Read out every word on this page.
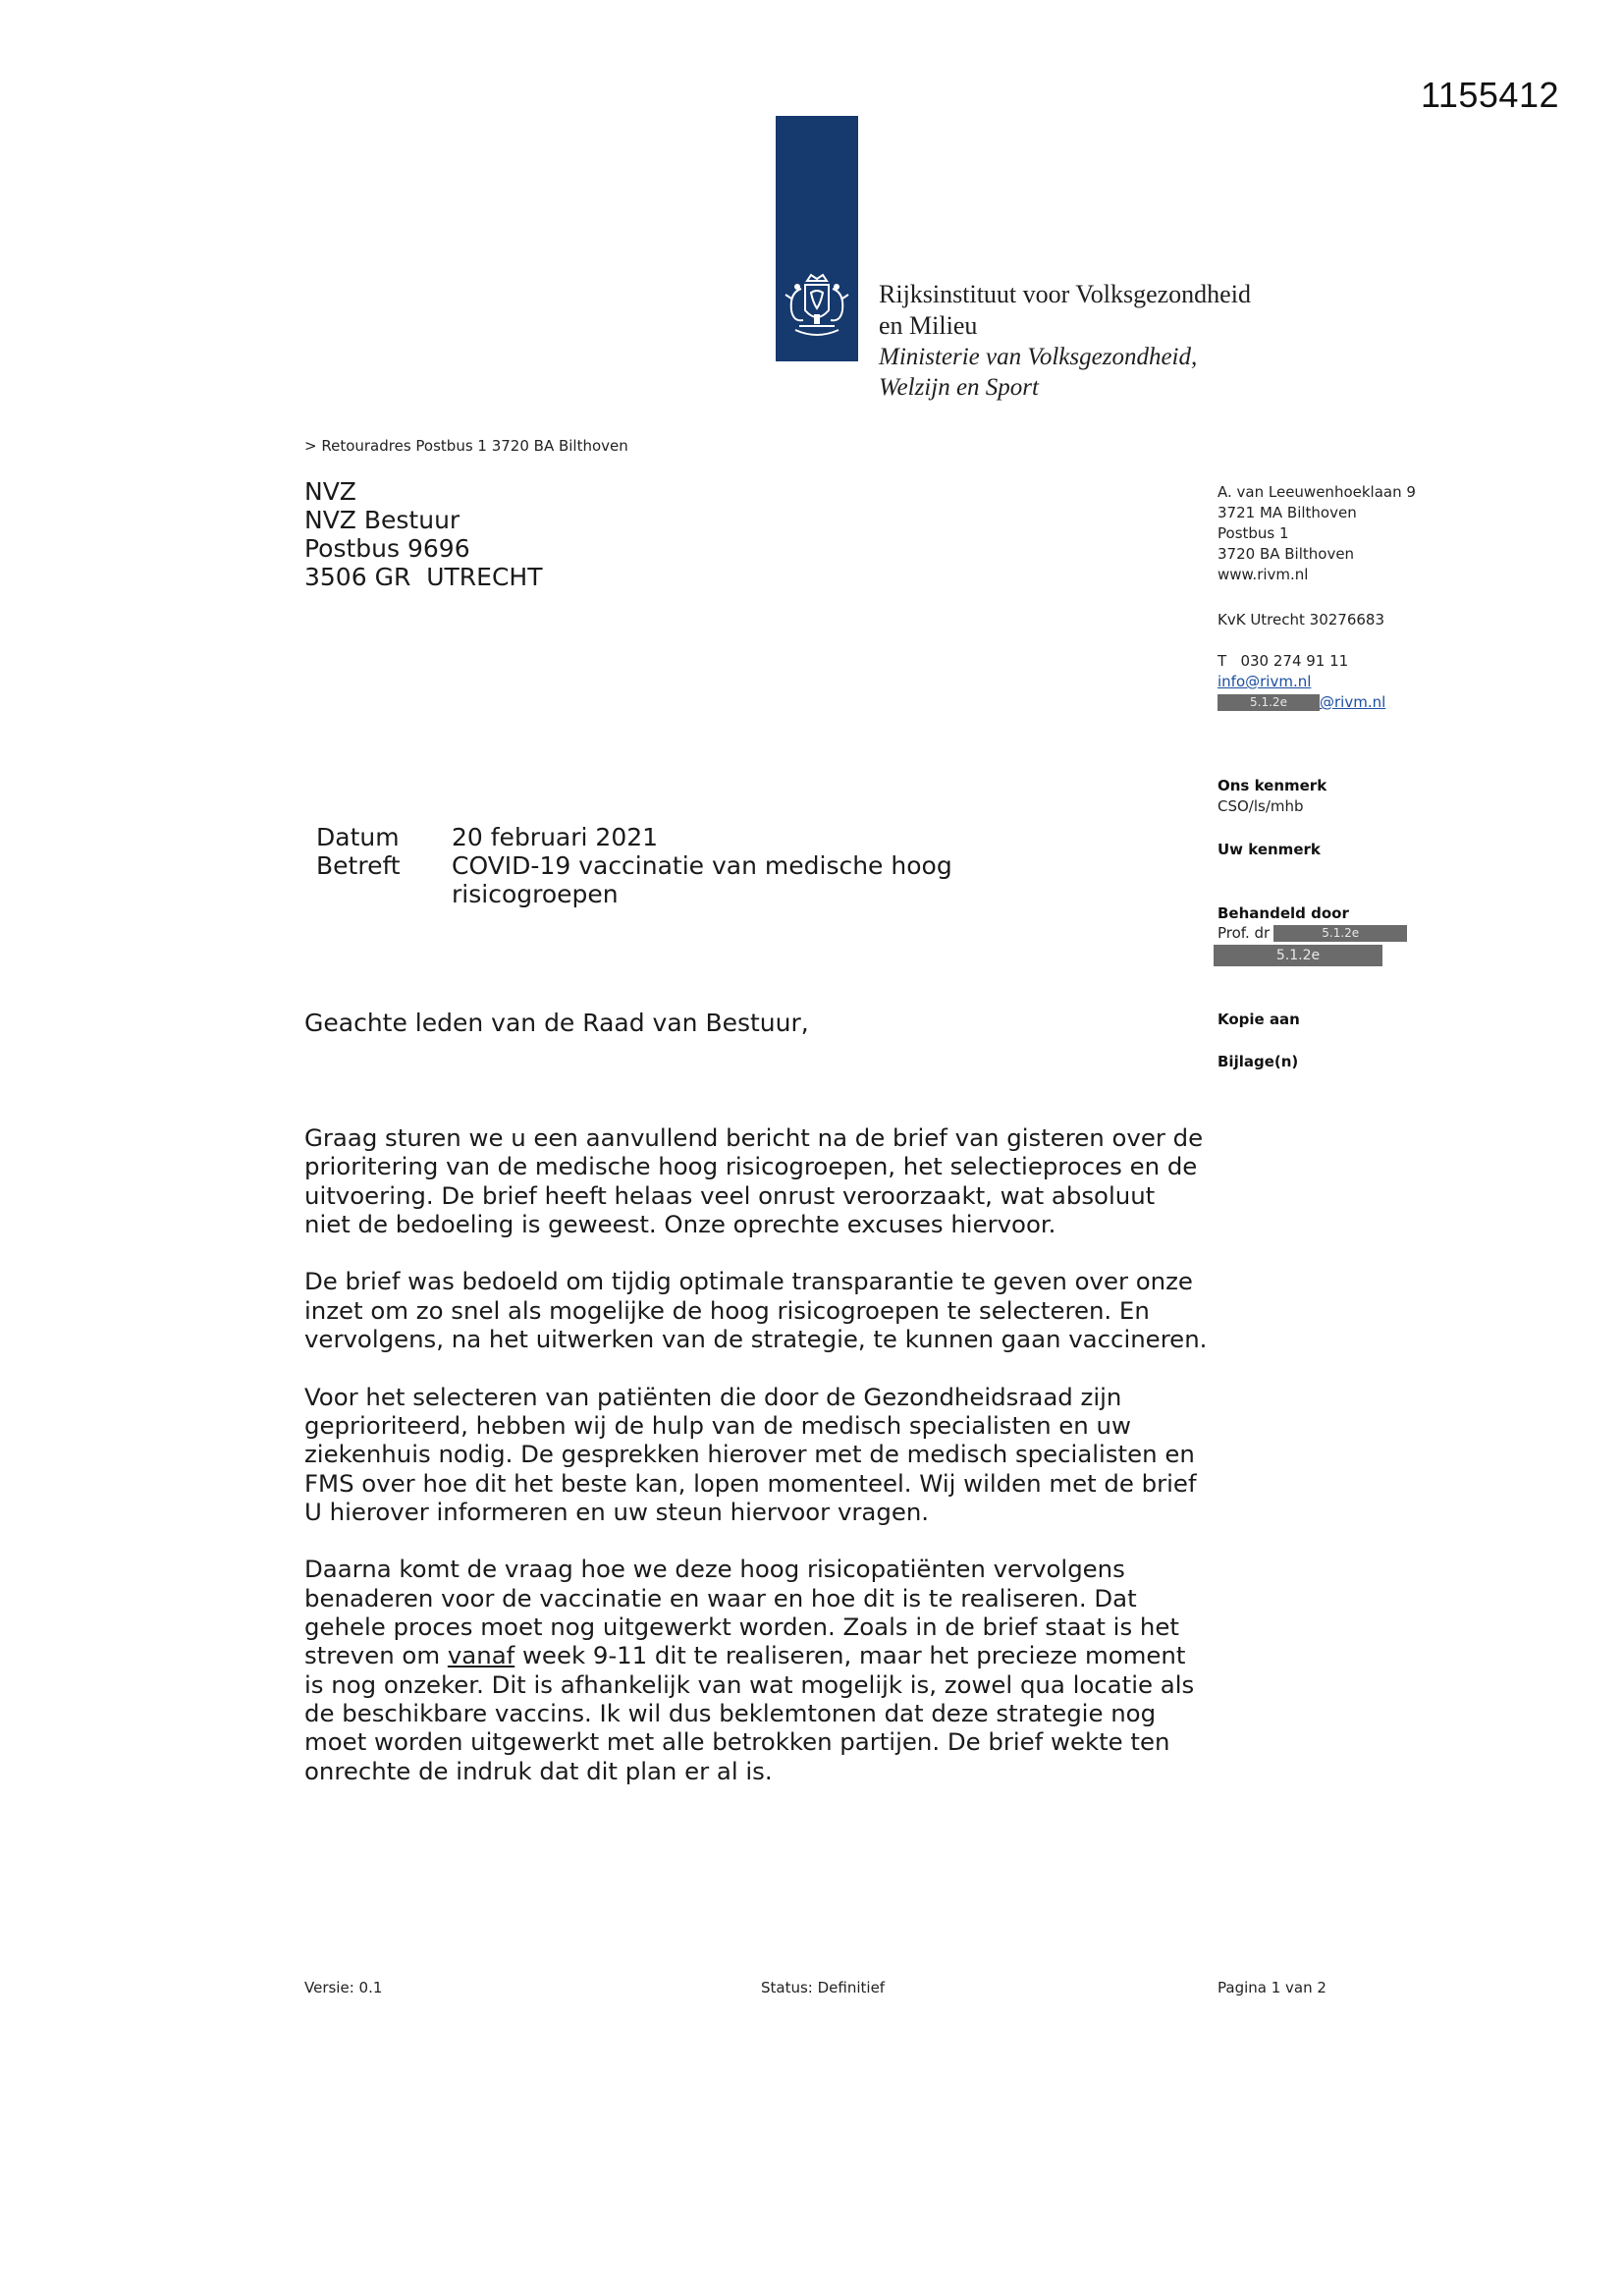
1155412
Rijksinstituut voor Volksgezondheid
en Milieu
Ministerie van Volksgezondheid,
Welzijn en Sport
> Retouradres Postbus 1 3720 BA Bilthoven
NVZ
NVZ Bestuur
Postbus 9696
3506 GR  UTRECHT
A. van Leeuwenhoeklaan 9
3721 MA Bilthoven
Postbus 1
3720 BA Bilthoven
www.rivm.nl
KvK Utrecht 30276683
T   030 274 91 11
info@rivm.nl
5.1.2e @rivm.nl
Ons kenmerk
CSO/ls/mhb
Uw kenmerk
Behandeld door
Prof. dr	5.1.2e
5.1.2e
Kopie aan
Bijlage(n)
Datum	20 februari 2021
Betreft	COVID-19 vaccinatie van medische hoog risicogroepen
Geachte leden van de Raad van Bestuur,

Graag sturen we u een aanvullend bericht na de brief van gisteren over de prioritering van de medische hoog risicogroepen, het selectieproces en de uitvoering. De brief heeft helaas veel onrust veroorzaakt, wat absoluut niet de bedoeling is geweest. Onze oprechte excuses hiervoor.

De brief was bedoeld om tijdig optimale transparantie te geven over onze inzet om zo snel als mogelijke de hoog risicogroepen te selecteren. En vervolgens, na het uitwerken van de strategie, te kunnen gaan vaccineren.

Voor het selecteren van patiënten die door de Gezondheidsraad zijn geprioriteerd, hebben wij de hulp van de medisch specialisten en uw ziekenhuis nodig. De gesprekken hierover met de medisch specialisten en FMS over hoe dit het beste kan, lopen momenteel. Wij wilden met de brief U hierover informeren en uw steun hiervoor vragen.

Daarna komt de vraag hoe we deze hoog risicopatiënten vervolgens benaderen voor de vaccinatie en waar en hoe dit is te realiseren. Dat gehele proces moet nog uitgewerkt worden. Zoals in de brief staat is het streven om vanaf week 9-11 dit te realiseren, maar het precieze moment is nog onzeker. Dit is afhankelijk van wat mogelijk is, zowel qua locatie als de beschikbare vaccins. Ik wil dus beklemtonen dat deze strategie nog moet worden uitgewerkt met alle betrokken partijen. De brief wekte ten onrechte de indruk dat dit plan er al is.

Versie: 0.1	Status: Definitief	Pagina 1 van 2
